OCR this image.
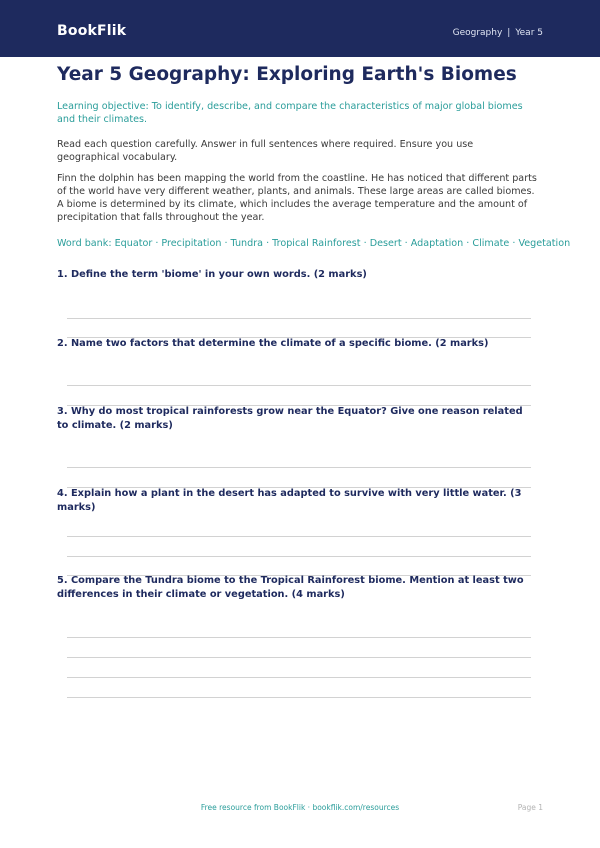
BookFlik	Geography | Year 5
Year 5 Geography: Exploring Earth's Biomes
Learning objective: To identify, describe, and compare the characteristics of major global biomes and their climates.
Read each question carefully. Answer in full sentences where required. Ensure you use geographical vocabulary.
Finn the dolphin has been mapping the world from the coastline. He has noticed that different parts of the world have very different weather, plants, and animals. These large areas are called biomes. A biome is determined by its climate, which includes the average temperature and the amount of precipitation that falls throughout the year.
Word bank: Equator · Precipitation · Tundra · Tropical Rainforest · Desert · Adaptation · Climate · Vegetation
1. Define the term 'biome' in your own words. (2 marks)
2. Name two factors that determine the climate of a specific biome. (2 marks)
3. Why do most tropical rainforests grow near the Equator? Give one reason related to climate. (2 marks)
4. Explain how a plant in the desert has adapted to survive with very little water. (3 marks)
5. Compare the Tundra biome to the Tropical Rainforest biome. Mention at least two differences in their climate or vegetation. (4 marks)
Free resource from BookFlik · bookflik.com/resources	Page 1
